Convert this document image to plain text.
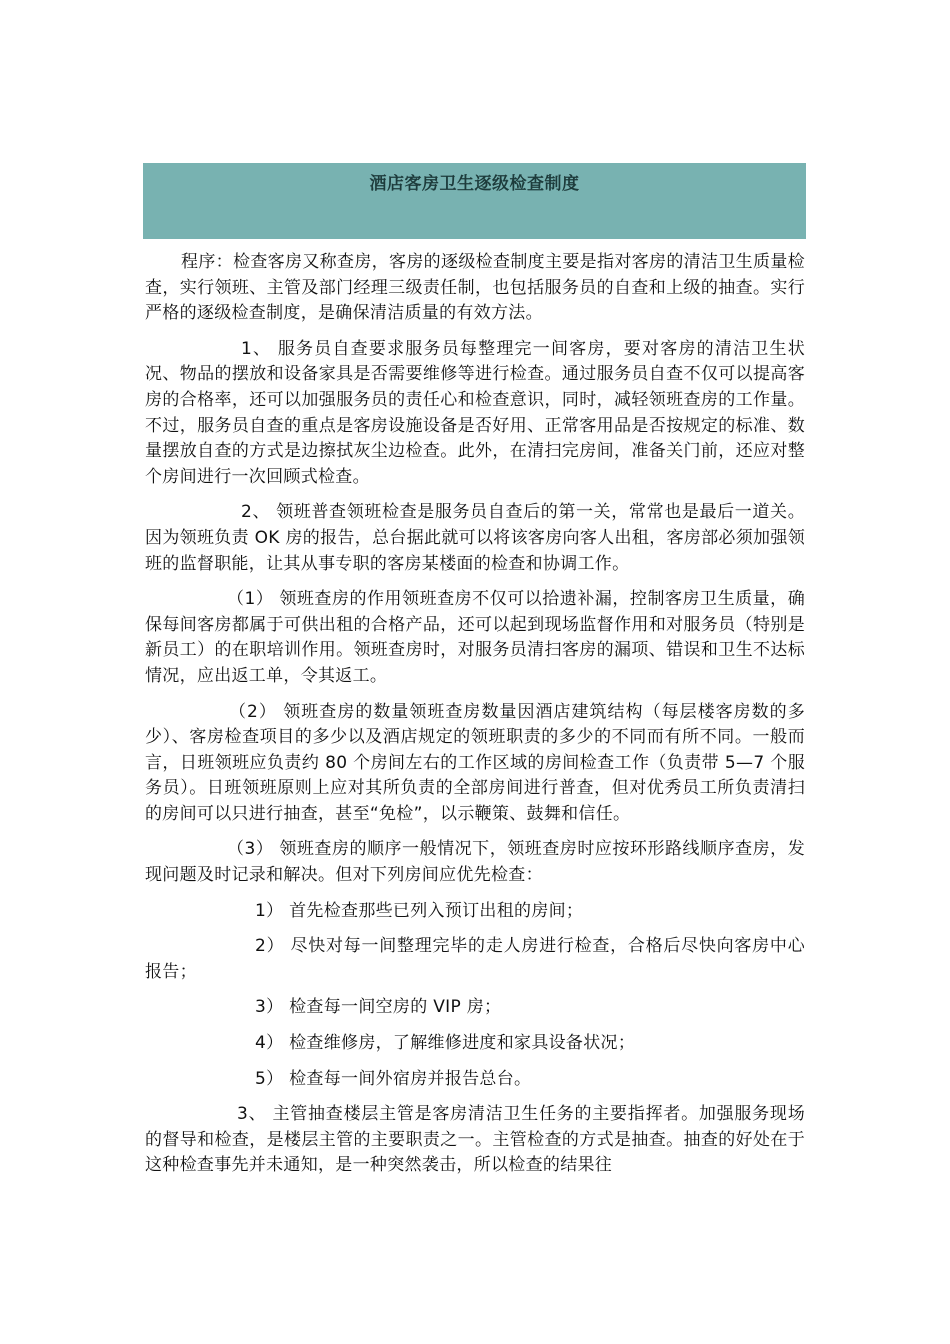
酒店客房卫生逐级检查制度

程序：检查客房又称查房，客房的逐级检查制度主要是指对客房的清洁卫生质量检查，实行领班、主管及部门经理三级责任制，也包括服务员的自查和上级的抽查。实行严格的逐级检查制度，是确保清洁质量的有效方法。

1、 服务员自查要求服务员每整理完一间客房，要对客房的清洁卫生状况、物品的摆放和设备家具是否需要维修等进行检查。通过服务员自查不仅可以提高客房的合格率，还可以加强服务员的责任心和检查意识，同时，减轻领班查房的工作量。不过，服务员自查的重点是客房设施设备是否好用、正常客用品是否按规定的标准、数量摆放自查的方式是边擦拭灰尘边检查。此外，在清扫完房间，准备关门前，还应对整个房间进行一次回顾式检查。

2、 领班普查领班检查是服务员自查后的第一关，常常也是最后一道关。因为领班负责 OK 房的报告，总台据此就可以将该客房向客人出租，客房部必须加强领班的监督职能，让其从事专职的客房某楼面的检查和协调工作。

（1） 领班查房的作用领班查房不仅可以拾遗补漏，控制客房卫生质量，确保每间客房都属于可供出租的合格产品，还可以起到现场监督作用和对服务员（特别是新员工）的在职培训作用。领班查房时，对服务员清扫客房的漏项、错误和卫生不达标情况，应出返工单，令其返工。

（2） 领班查房的数量领班查房数量因酒店建筑结构（每层楼客房数的多少）、客房检查项目的多少以及酒店规定的领班职责的多少的不同而有所不同。一般而言，日班领班应负责约 80 个房间左右的工作区域的房间检查工作（负责带 5—7 个服务员）。日班领班原则上应对其所负责的全部房间进行普查，但对优秀员工所负责清扫的房间可以只进行抽查，甚至“免检”，以示鞭策、鼓舞和信任。

（3） 领班查房的顺序一般情况下，领班查房时应按环形路线顺序查房，发现问题及时记录和解决。但对下列房间应优先检查：

1） 首先检查那些已列入预订出租的房间；

2） 尽快对每一间整理完毕的走人房进行检查，合格后尽快向客房中心报告；

3） 检查每一间空房的 VIP 房；

4） 检查维修房，了解维修进度和家具设备状况；

5） 检查每一间外宿房并报告总台。

3、 主管抽查楼层主管是客房清洁卫生任务的主要指挥者。加强服务现场的督导和检查，是楼层主管的主要职责之一。主管检查的方式是抽查。抽查的好处在于这种检查事先并未通知，是一种突然袭击，所以检查的结果往
